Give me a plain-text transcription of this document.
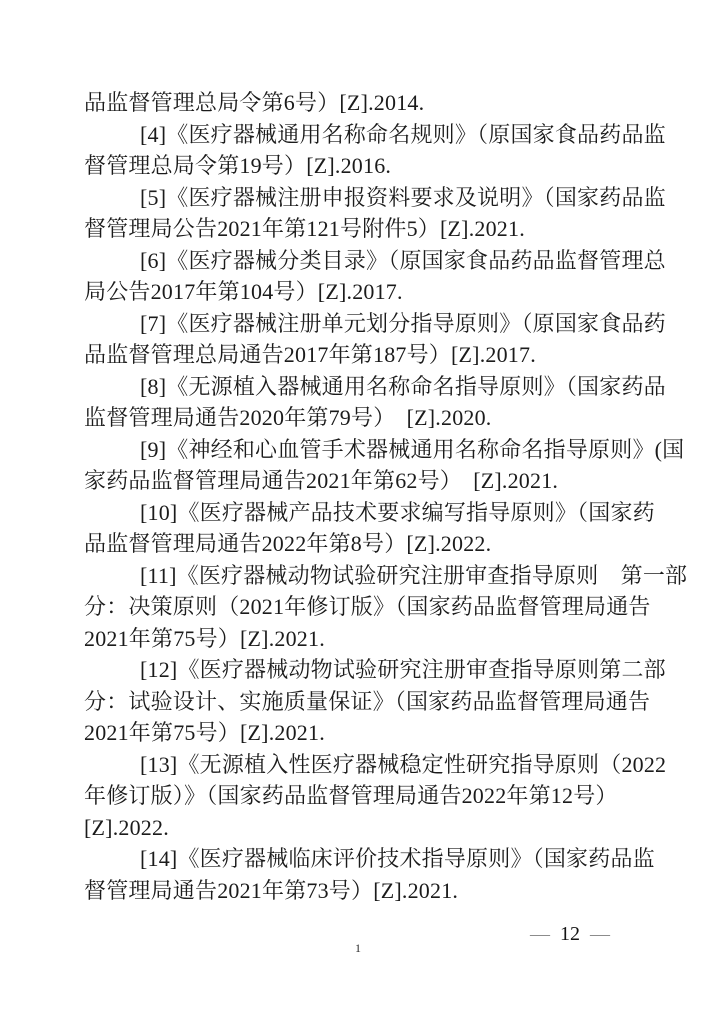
品监督管理总局令第6号）[Z].2014.
[4]《医疗器械通用名称命名规则》（原国家食品药品监
督管理总局令第19号）[Z].2016.
[5]《医疗器械注册申报资料要求及说明》（国家药品监
督管理局公告2021年第121号附件5）[Z].2021.
[6]《医疗器械分类目录》（原国家食品药品监督管理总
局公告2017年第104号）[Z].2017.
[7]《医疗器械注册单元划分指导原则》（原国家食品药
品监督管理总局通告2017年第187号）[Z].2017.
[8]《无源植入器械通用名称命名指导原则》（国家药品
监督管理局通告2020年第79号）　[Z].2020.
[9]《神经和心血管手术器械通用名称命名指导原则》(国
家药品监督管理局通告2021年第62号）　[Z].2021.
[10]《医疗器械产品技术要求编写指导原则》（国家药
品监督管理局通告2022年第8号）[Z].2022.
[11]《医疗器械动物试验研究注册审查指导原则　第一部
分：决策原则（2021年修订版》（国家药品监督管理局通告
2021年第75号）[Z].2021.
[12]《医疗器械动物试验研究注册审查指导原则第二部
分：试验设计、实施质量保证》（国家药品监督管理局通告
2021年第75号）[Z].2021.
[13]《无源植入性医疗器械稳定性研究指导原则（2022
年修订版）》（国家药品监督管理局通告2022年第12号）
[Z].2022.
[14]《医疗器械临床评价技术指导原则》（国家药品监
督管理局通告2021年第73号）[Z].2021.
— 12 —
1
